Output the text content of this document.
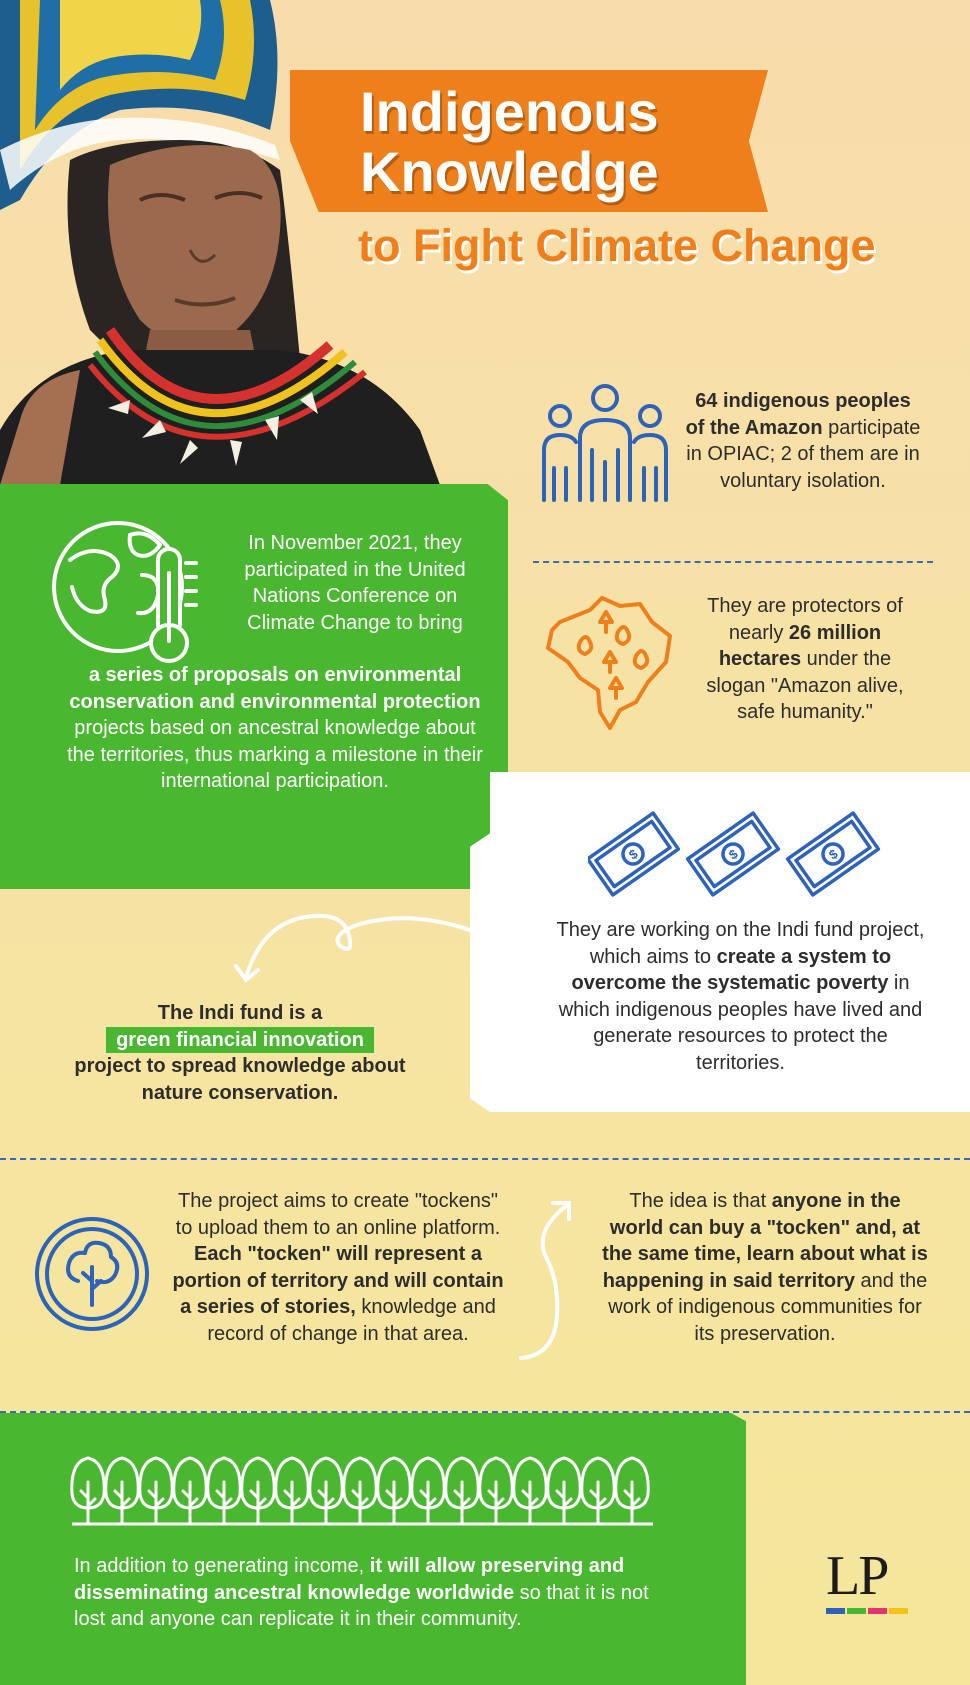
Indigenous
Knowledge
to Fight Climate Change
64 indigenous peoples of the Amazon participate in OPIAC; 2 of them are in voluntary isolation.
They are protectors of nearly 26 million hectares under the slogan "Amazon alive, safe humanity."
In November 2021, they participated in the United Nations Conference on Climate Change to bring
a series of proposals on environmental conservation and environmental protection projects based on ancestral knowledge about the territories, thus marking a milestone in their international participation.
$	$	$
They are working on the Indi fund project, which aims to create a system to overcome the systematic poverty in which indigenous peoples have lived and generate resources to protect the territories.
The Indi fund is a
green financial innovation
project to spread knowledge about nature conservation.
The project aims to create "tockens" to upload them to an online platform. Each "tocken" will represent a portion of territory and will contain a series of stories, knowledge and record of change in that area.
The idea is that anyone in the world can buy a "tocken" and, at the same time, learn about what is happening in said territory and the work of indigenous communities for its preservation.
In addition to generating income, it will allow preserving and disseminating ancestral knowledge worldwide so that it is not lost and anyone can replicate it in their community.
LP
